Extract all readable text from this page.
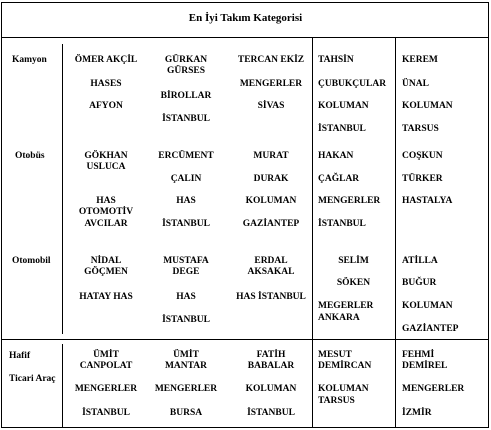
En İyi Takım Kategorisi
Kamyon
Otobüs
Otomobil
Hafif
Ticari Araç
ÖMER AKÇİL
HASES
AFYON
GÜRKAN
GÜRSES
BİROLLAR
İSTANBUL
TERCAN EKİZ
MENGERLER
SİVAS
TAHSİN
ÇUBUKÇULAR
KOLUMAN
İSTANBUL
KEREM
ÜNAL
KOLUMAN
TARSUS
GÖKHAN
USLUCA
HAS
OTOMOTİV
AVCILAR
ERCÜMENT
ÇALIN
HAS
İSTANBUL
MURAT
DURAK
KOLUMAN
GAZİANTEP
HAKAN
ÇAĞLAR
MENGERLER
İSTANBUL
COŞKUN
TÜRKER
HASTALYA
NİDAL
GÖÇMEN
HATAY HAS
MUSTAFA
DEGE
HAS
İSTANBUL
ERDAL
AKSAKAL
HAS İSTANBUL
SELİM
SÖKEN
MEGERLER
ANKARA
ATİLLA
BUĞUR
KOLUMAN
GAZİANTEP
ÜMİT
CANPOLAT
MENGERLER
İSTANBUL
ÜMİT
MANTAR
MENGERLER
BURSA
FATİH
BABALAR
KOLUMAN
İSTANBUL
MESUT
DEMİRCAN
KOLUMAN
TARSUS
FEHMİ
DEMİREL
MENGERLER
İZMİR
